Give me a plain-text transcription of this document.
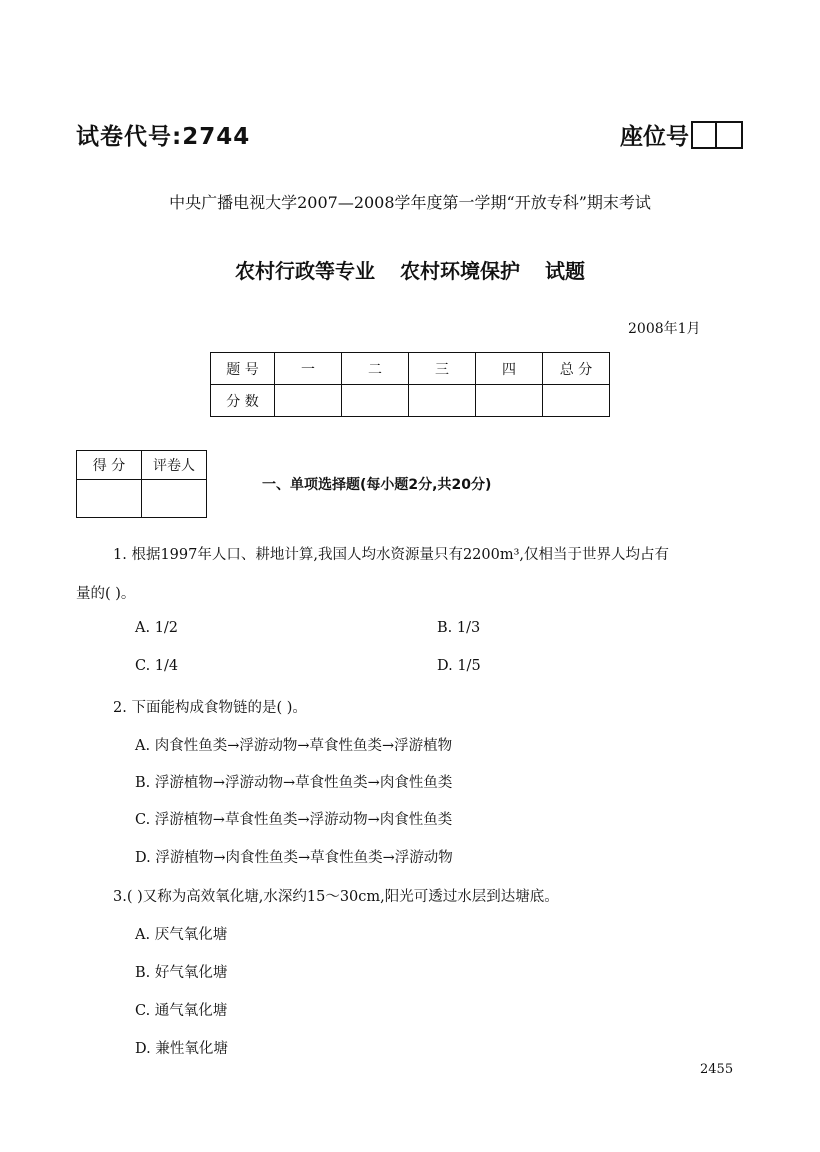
试卷代号:2744	座位号
中央广播电视大学2007—2008学年度第一学期“开放专科”期末考试
农村行政等专业 农村环境保护 试题
2008年1月
题 号	一	二	三	四	总 分
分 数					
得 分	评卷人

一、单项选择题(每小题2分,共20分)
1. 根据1997年人口、耕地计算,我国人均水资源量只有2200m³,仅相当于世界人均占有
量的( )。
A. 1/2	B. 1/3
C. 1/4	D. 1/5
2. 下面能构成食物链的是( )。
A. 肉食性鱼类→浮游动物→草食性鱼类→浮游植物
B. 浮游植物→浮游动物→草食性鱼类→肉食性鱼类
C. 浮游植物→草食性鱼类→浮游动物→肉食性鱼类
D. 浮游植物→肉食性鱼类→草食性鱼类→浮游动物
3.( )又称为高效氧化塘,水深约15～30cm,阳光可透过水层到达塘底。
A. 厌气氧化塘
B. 好气氧化塘
C. 通气氧化塘
D. 兼性氧化塘
2455
